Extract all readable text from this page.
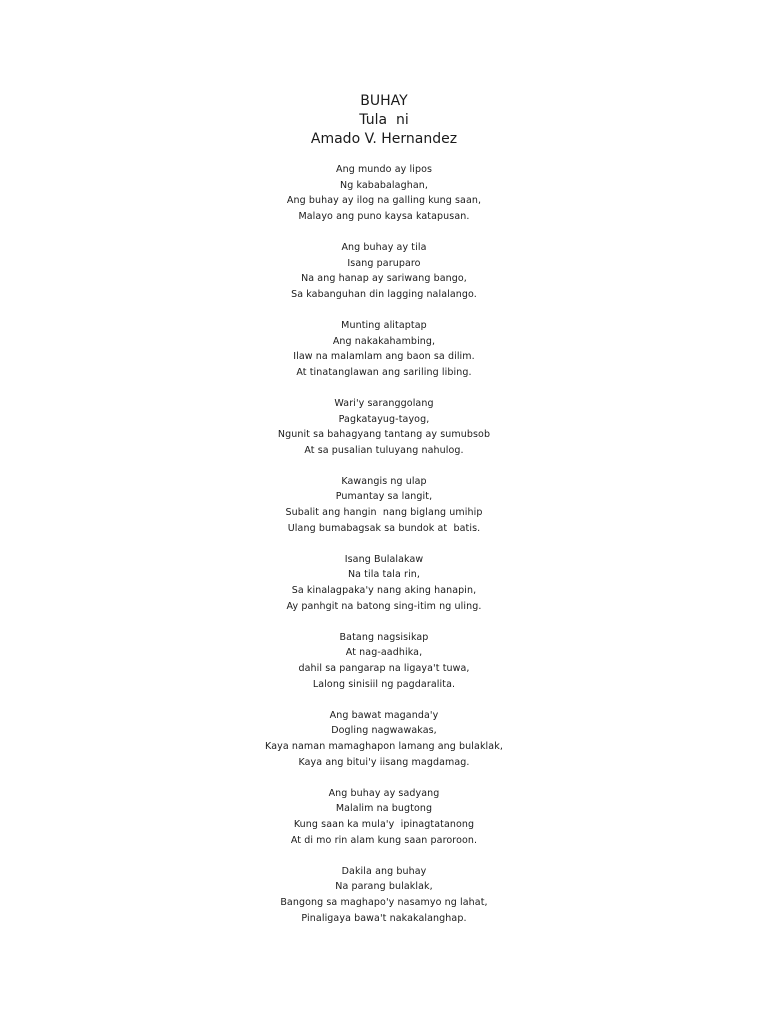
BUHAY
Tula  ni
Amado V. Hernandez
Ang mundo ay lipos
Ng kababalaghan,
Ang buhay ay ilog na galling kung saan,
Malayo ang puno kaysa katapusan.
Ang buhay ay tila
Isang paruparo
Na ang hanap ay sariwang bango,
Sa kabanguhan din lagging nalalango.
Munting alitaptap
Ang nakakahambing,
Ilaw na malamlam ang baon sa dilim.
At tinatanglawan ang sariling libing.
Wari'y saranggolang
Pagkatayug-tayog,
Ngunit sa bahagyang tantang ay sumubsob
At sa pusalian tuluyang nahulog.
Kawangis ng ulap
Pumantay sa langit,
Subalit ang hangin  nang biglang umihip
Ulang bumabagsak sa bundok at  batis.
Isang Bulalakaw
Na tila tala rin,
Sa kinalagpaka'y nang aking hanapin,
Ay panhgit na batong sing-itim ng uling.
Batang nagsisikap
At nag-aadhika,
dahil sa pangarap na ligaya't tuwa,
Lalong sinisiil ng pagdaralita.
Ang bawat maganda'y
Dogling nagwawakas,
Kaya naman mamaghapon lamang ang bulaklak,
Kaya ang bitui'y iisang magdamag.
Ang buhay ay sadyang
Malalim na bugtong
Kung saan ka mula'y  ipinagtatanong
At di mo rin alam kung saan paroroon.
Dakila ang buhay
Na parang bulaklak,
Bangong sa maghapo'y nasamyo ng lahat,
Pinaligaya bawa't nakakalanghap.
